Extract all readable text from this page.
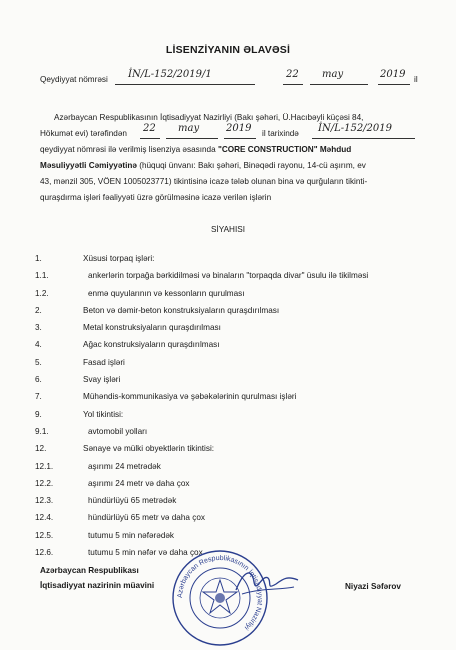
LİSENZİYANIN ƏLAVƏSİ
Qeydiyyat nömrəsi İN/L-152/2019/1	22 may	2019 il
Azərbaycan Respublikasının İqtisadiyyat Nazirliyi (Bakı şəhəri, Ü.Hacıbəyli küçəsi 84,
Hökumət evi) tərəfindən 22 may	2019 il tarixində İN/L-152/2019
qeydiyyat nömrəsi ilə verilmiş lisenziya əsasında "CORE CONSTRUCTION" Məhdud
Məsuliyyətli Cəmiyyətinə (hüquqi ünvanı: Bakı şəhəri, Binəqədi rayonu, 14-cü aşırım, ev
43, mənzil 305, VÖEN 1005023771) tikintisinə icazə tələb olunan bina və qurğuların tikinti-
quraşdırma işləri fəaliyyəti üzrə görülməsinə icazə verilən işlərin
SİYAHISI
1.	Xüsusi torpaq işləri:
1.1.	ankerlərin torpağa bərkidilməsi və binaların "torpaqda divar" üsulu ilə tikilməsi
1.2.	enmə quyularının və kessonların qurulması
2.	Beton və dəmir-beton konstruksiyaların quraşdırılması
3.	Metal konstruksiyaların quraşdırılması
4.	Ağac konstruksiyaların quraşdırılması
5.	Fasad işləri
6.	Svay işləri
7.	Mühəndis-kommunikasiya və şəbəkələrinin qurulması işləri
9.	Yol tikintisi:
9.1.	avtomobil yolları
12.	Sənaye və mülki obyektlərin tikintisi:
12.1.	aşırımı 24 metrədək
12.2.	aşırımı 24 metr və daha çox
12.3.	hündürlüyü 65 metrədək
12.4.	hündürlüyü 65 metr və daha çox
12.5.	tutumu 5 min nəfərədək
12.6.	tutumu 5 min nəfər və daha çox
Azərbaycan Respublikasının İqtisadiyyat Nazirliyi
Azərbaycan Respublikası
İqtisadiyyat nazirinin müavini	Niyazi Səfərov
